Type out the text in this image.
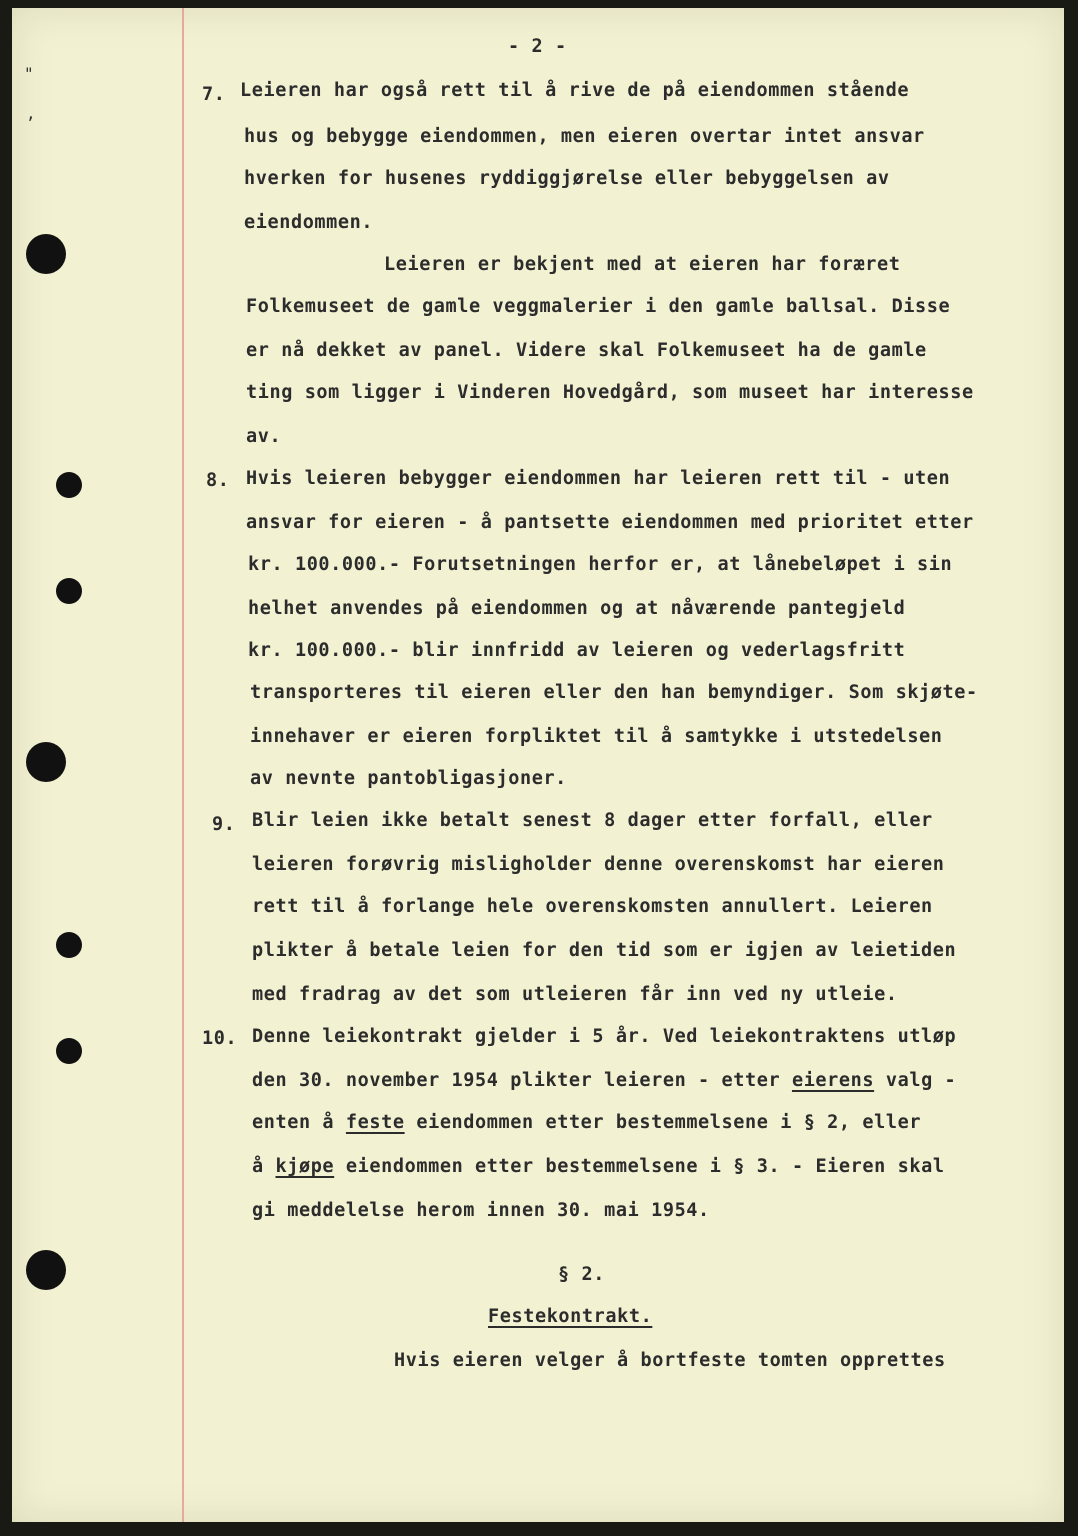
"
,
- 2 -
7. Leieren har også rett til å rive de på eiendommen stående
hus og bebygge eiendommen, men eieren overtar intet ansvar
hverken for husenes ryddiggjørelse eller bebyggelsen av
eiendommen.
Leieren er bekjent med at eieren har foræret
Folkemuseet de gamle veggmalerier i den gamle ballsal. Disse
er nå dekket av panel. Videre skal Folkemuseet ha de gamle
ting som ligger i Vinderen Hovedgård, som museet har interesse
av.
8. Hvis leieren bebygger eiendommen har leieren rett til - uten
ansvar for eieren - å pantsette eiendommen med prioritet etter
kr. 100.000.- Forutsetningen herfor er, at lånebeløpet i sin
helhet anvendes på eiendommen og at nåværende pantegjeld
kr. 100.000.- blir innfridd av leieren og vederlagsfritt
transporteres til eieren eller den han bemyndiger. Som skjøte-
innehaver er eieren forpliktet til å samtykke i utstedelsen
av nevnte pantobligasjoner.
9. Blir leien ikke betalt senest 8 dager etter forfall, eller
leieren forøvrig misligholder denne overenskomst har eieren
rett til å forlange hele overenskomsten annullert. Leieren
plikter å betale leien for den tid som er igjen av leietiden
med fradrag av det som utleieren får inn ved ny utleie.
10. Denne leiekontrakt gjelder i 5 år. Ved leiekontraktens utløp
den 30. november 1954 plikter leieren - etter eierens valg -
enten å feste eiendommen etter bestemmelsene i § 2, eller
å kjøpe eiendommen etter bestemmelsene i § 3. - Eieren skal
gi meddelelse herom innen 30. mai 1954.
§ 2.
Festekontrakt.
Hvis eieren velger å bortfeste tomten opprettes
